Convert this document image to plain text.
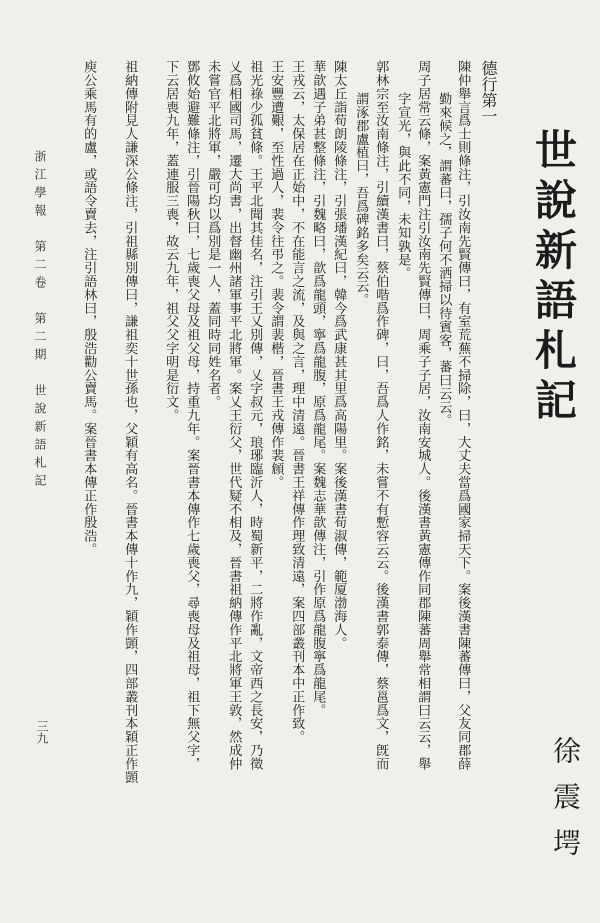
世說新語札記
徐震堮
德行第一
陳仲舉言爲士則條注，引汝南先賢傳曰，有室荒蕪不掃除，曰，大丈夫當爲國家掃天下。案後漢書陳蕃傳曰，父友同郡薛
勤來候之，謂蕃曰，孺子何不洒掃以待賓客，蕃曰云云。
周子居常云條，案黃憲門注引汝南先賢傳曰，周乘子子居，汝南安城人。後漢書黃憲傳作同郡陳蕃周舉常相謂曰云云，舉
字宣光，與此不同，未知孰是。
郭林宗至汝南條注，引續漢書曰，蔡伯喈爲作碑，曰，吾爲人作銘，未嘗不有慙容云云。後漢書郭泰傳，蔡邕爲文，旣而
謂涿郡盧植曰，吾爲碑銘多矣云云。
陳太丘詣荀朗陵條注，引張璠漢紀曰，韓今爲武康甚其里爲高陽里。案後漢書荀淑傳，範厦渤海人。
華歆遇子弟甚整條注，引魏略曰，歆爲龍頭，寧爲龍腹，原爲龍尾。案魏志華歆傳注，引作原爲龍腹寧爲龍尾。
王戎云，太保居在正始中，不在能言之流，及與之言，理中清遠。晉書王祥傳作理致清遠，案四部叢刊本中正作致。
王安豐遭艱，至性過人，裴令往弔之。裴令謂裴楷，晉書王戎傳作裴頠。
祖光祿少孤貧條。王平北聞其佳名，注引王乂別傳，乂字叔元，琅琊臨沂人，時蜀新平，二將作亂，文帝西之長安，乃徵
乂爲相國司馬，遷大尚書，出督幽州諸軍事平北將軍。案乂王衍父，世代疑不相及，晉書祖納傳作平北將軍王敦，然成仲
未嘗官平北將軍，嚴可均以爲別是一人，蓋同時同姓名者。
鄧攸始避難條注，引晉陽秋曰，七歲喪父母及祖父母，持重九年。案晉書本傳作七歲喪父，尋喪母及祖母，祖下無父字，
下云居喪九年，蓋連服三喪，故云九年，祖父父字明是衍文。
祖納傳附見人謙深公條注，引祖縣別傳曰，謙祖奕十世孫也，父穎有高名。晉書本傳十作九，穎作顗，四部叢刊本穎正作顗
庾公乘馬有的盧，或語令賣去，注引語林曰，殷浩勸公賣馬。案晉書本傳正作殷浩。
浙江學報　第二卷　第二期　世說新語札記
三九
